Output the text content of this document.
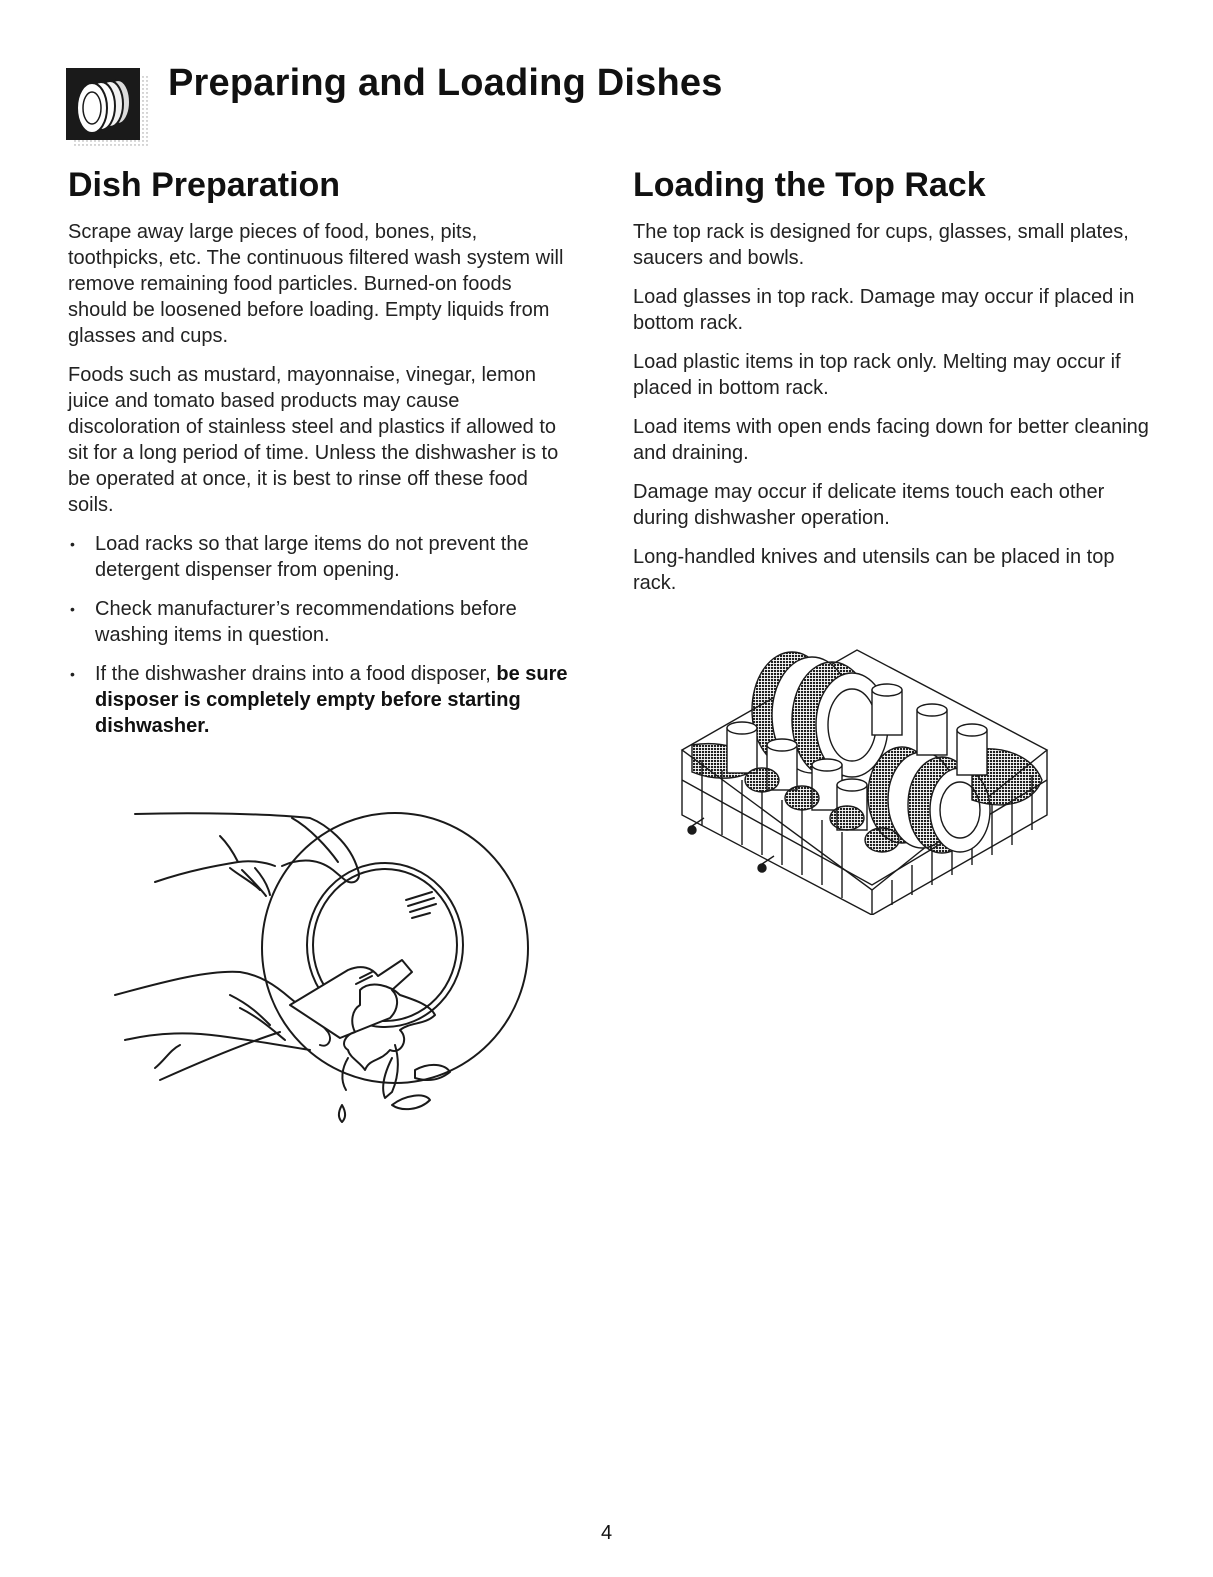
Preparing and Loading Dishes
Dish Preparation

Scrape away large pieces of food, bones, pits, toothpicks, etc. The continuous filtered wash system will remove remaining food particles. Burned-on foods should be loosened before loading. Empty liquids from glasses and cups.

Foods such as mustard, mayonnaise, vinegar, lemon juice and tomato based products may cause discoloration of stainless steel and plastics if allowed to sit for a long period of time. Unless the dishwasher is to be operated at once, it is best to rinse off these food soils.

• Load racks so that large items do not prevent the detergent dispenser from opening.
• Check manufacturer’s recommendations before washing items in question.
• If the dishwasher drains into a food disposer, be sure disposer is completely empty before starting dishwasher.
Loading the Top Rack

The top rack is designed for cups, glasses, small plates, saucers and bowls.

Load glasses in top rack. Damage may occur if placed in bottom rack.

Load plastic items in top rack only. Melting may occur if placed in bottom rack.

Load items with open ends facing down for better cleaning and draining.

Damage may occur if delicate items touch each other during dishwasher operation.

Long-handled knives and utensils can be placed in top rack.

4
